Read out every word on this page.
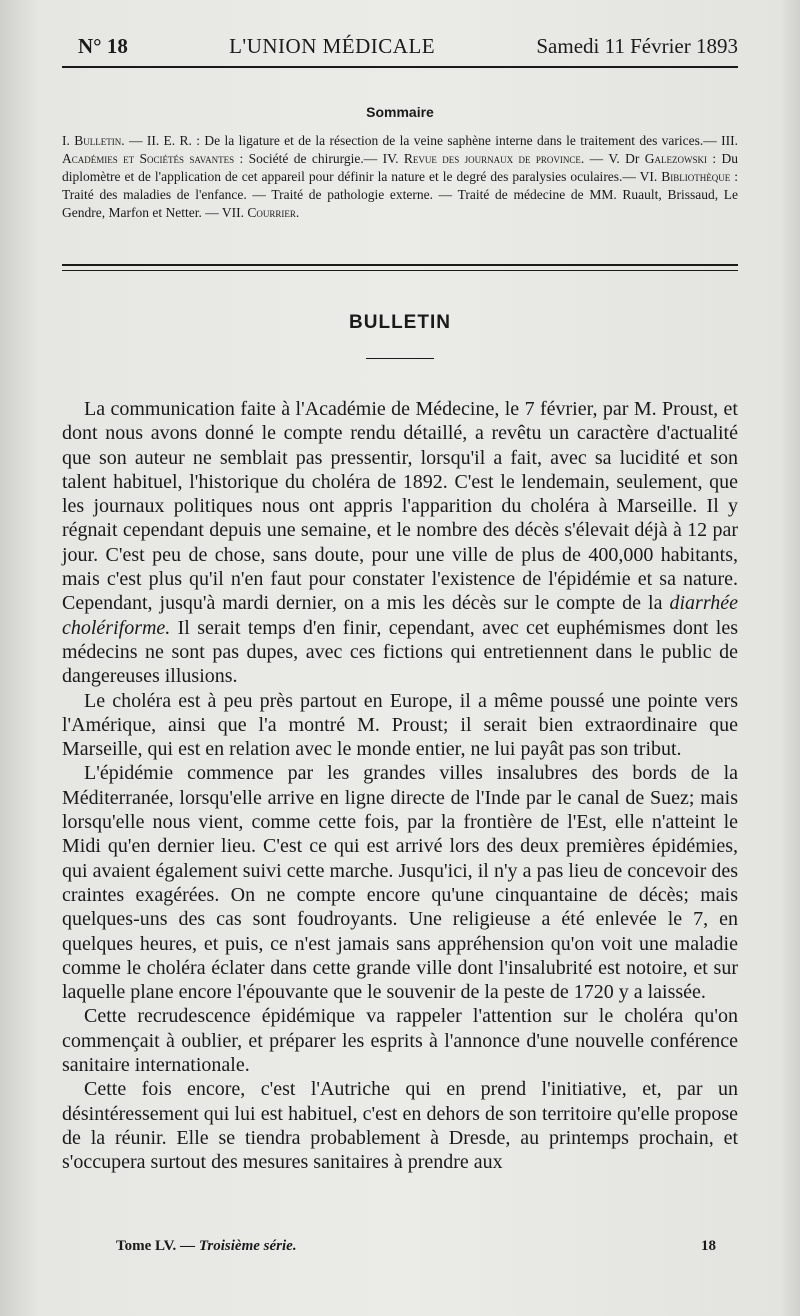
N° 18	L'UNION MÉDICALE	Samedi 11 Février 1893
Sommaire

I. Bulletin. — II. E. R. : De la ligature et de la résection de la veine saphène interne dans le traitement des varices.— III. Académies et Sociétés savantes : Société de chirurgie.— IV. Revue des journaux de province. — V. Dr Galezowski : Du diplomètre et de l'application de cet appareil pour définir la nature et le degré des paralysies oculaires.— VI. Bibliothèque : Traité des maladies de l'enfance. — Traité de pathologie externe. — Traité de médecine de MM. Ruault, Brissaud, Le Gendre, Marfon et Netter. — VII. Courrier.

BULLETIN

La communication faite à l'Académie de Médecine, le 7 février, par M. Proust, et dont nous avons donné le compte rendu détaillé, a revêtu un caractère d'actualité que son auteur ne semblait pas pressentir, lorsqu'il a fait, avec sa lucidité et son talent habituel, l'historique du choléra de 1892. C'est le lendemain, seulement, que les journaux politiques nous ont appris l'apparition du choléra à Marseille. Il y régnait cependant depuis une semaine, et le nombre des décès s'élevait déjà à 12 par jour. C'est peu de chose, sans doute, pour une ville de plus de 400,000 habitants, mais c'est plus qu'il n'en faut pour constater l'existence de l'épidémie et sa nature. Cependant, jusqu'à mardi dernier, on a mis les décès sur le compte de la diarrhée cholériforme. Il serait temps d'en finir, cependant, avec cet euphémismes dont les médecins ne sont pas dupes, avec ces fictions qui entretiennent dans le public de dangereuses illusions.

Le choléra est à peu près partout en Europe, il a même poussé une pointe vers l'Amérique, ainsi que l'a montré M. Proust; il serait bien extraordinaire que Marseille, qui est en relation avec le monde entier, ne lui payât pas son tribut.

L'épidémie commence par les grandes villes insalubres des bords de la Méditerranée, lorsqu'elle arrive en ligne directe de l'Inde par le canal de Suez; mais lorsqu'elle nous vient, comme cette fois, par la frontière de l'Est, elle n'atteint le Midi qu'en dernier lieu. C'est ce qui est arrivé lors des deux premières épidémies, qui avaient également suivi cette marche. Jusqu'ici, il n'y a pas lieu de concevoir des craintes exagérées. On ne compte encore qu'une cinquantaine de décès; mais quelques-uns des cas sont foudroyants. Une religieuse a été enlevée le 7, en quelques heures, et puis, ce n'est jamais sans appréhension qu'on voit une maladie comme le choléra éclater dans cette grande ville dont l'insalubrité est notoire, et sur laquelle plane encore l'épouvante que le souvenir de la peste de 1720 y a laissée.

Cette recrudescence épidémique va rappeler l'attention sur le choléra qu'on commençait à oublier, et préparer les esprits à l'annonce d'une nouvelle conférence sanitaire internationale.

Cette fois encore, c'est l'Autriche qui en prend l'initiative, et, par un désintéressement qui lui est habituel, c'est en dehors de son territoire qu'elle propose de la réunir. Elle se tiendra probablement à Dresde, au printemps prochain, et s'occupera surtout des mesures sanitaires à prendre aux

Tome LV. — Troisième série.	18
